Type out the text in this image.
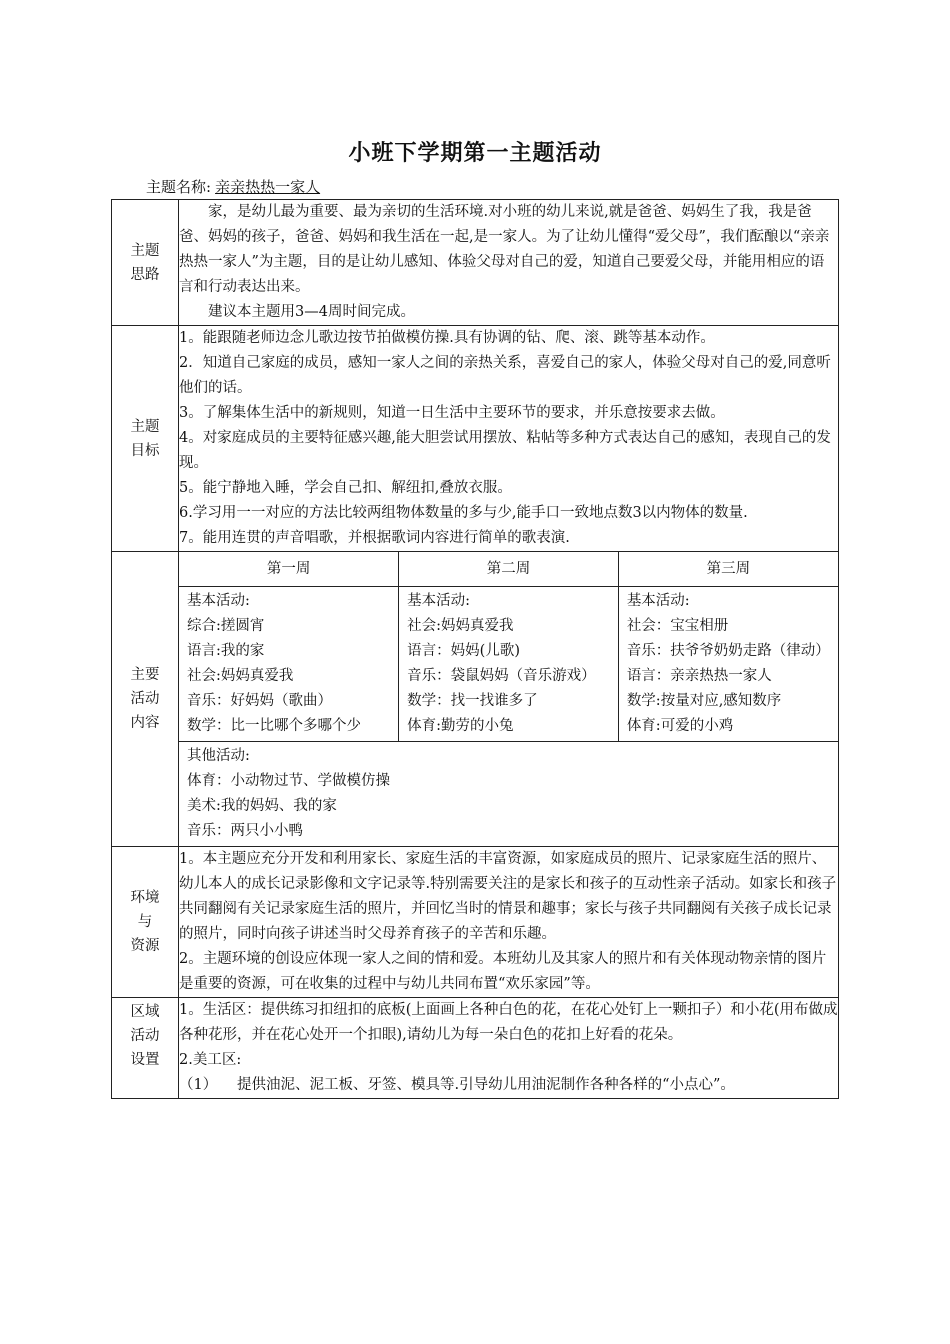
小班下学期第一主题活动
主题名称: 亲亲热热一家人
主题
思路

家，是幼儿最为重要、最为亲切的生活环境.对小班的幼儿来说,就是爸爸、妈妈生了我，我是爸爸、妈妈的孩子，爸爸、妈妈和我生活在一起,是一家人。为了让幼儿懂得“爱父母”，我们酝酿以“亲亲热热一家人”为主题，目的是让幼儿感知、体验父母对自己的爱，知道自己要爱父母，并能用相应的语言和行动表达出来。

建议本主题用3—4周时间完成。

主题
目标

1。能跟随老师边念儿歌边按节拍做模仿操.具有协调的钻、爬、滚、跳等基本动作。

2．知道自己家庭的成员，感知一家人之间的亲热关系，喜爱自己的家人，体验父母对自己的爱,同意听他们的话。

3。了解集体生活中的新规则，知道一日生活中主要环节的要求，并乐意按要求去做。

4。对家庭成员的主要特征感兴趣,能大胆尝试用摆放、粘帖等多种方式表达自己的感知，表现自己的发现。

5。能宁静地入睡，学会自己扣、解纽扣,叠放衣服。

6.学习用一一对应的方法比较两组物体数量的多与少,能手口一致地点数3以内物体的数量.

7。能用连贯的声音唱歌，并根据歌词内容进行简单的歌表演.

主要
活动
内容

第一周	第二周	第三周

基本活动:
综合:搓圆宵
语言:我的家
社会:妈妈真爱我
音乐：好妈妈（歌曲）
数学：比一比哪个多哪个少

基本活动:
社会:妈妈真爱我
语言：妈妈(儿歌)
音乐：袋鼠妈妈（音乐游戏）
数学：找一找谁多了
体育:勤劳的小兔

基本活动:
社会：宝宝相册
音乐：扶爷爷奶奶走路（律动）
语言：亲亲热热一家人
数学:按量对应,感知数序
体育:可爱的小鸡

其他活动:
体育：小动物过节、学做模仿操
美术:我的妈妈、我的家
音乐：两只小小鸭

环境
与
资源

1。本主题应充分开发和利用家长、家庭生活的丰富资源，如家庭成员的照片、记录家庭生活的照片、幼儿本人的成长记录影像和文字记录等.特别需要关注的是家长和孩子的互动性亲子活动。如家长和孩子共同翻阅有关记录家庭生活的照片，并回忆当时的情景和趣事；家长与孩子共同翻阅有关孩子成长记录的照片，同时向孩子讲述当时父母养育孩子的辛苦和乐趣。

2。主题环境的创设应体现一家人之间的情和爱。本班幼儿及其家人的照片和有关体现动物亲情的图片是重要的资源，可在收集的过程中与幼儿共同布置“欢乐家园”等。

区域
活动
设置

1。生活区：提供练习扣纽扣的底板(上面画上各种白色的花，在花心处钉上一颗扣子）和小花(用布做成各种花形，并在花心处开一个扣眼),请幼儿为每一朵白色的花扣上好看的花朵。

2.美工区:

（1）	提供油泥、泥工板、牙签、模具等.引导幼儿用油泥制作各种各样的“小点心”。
